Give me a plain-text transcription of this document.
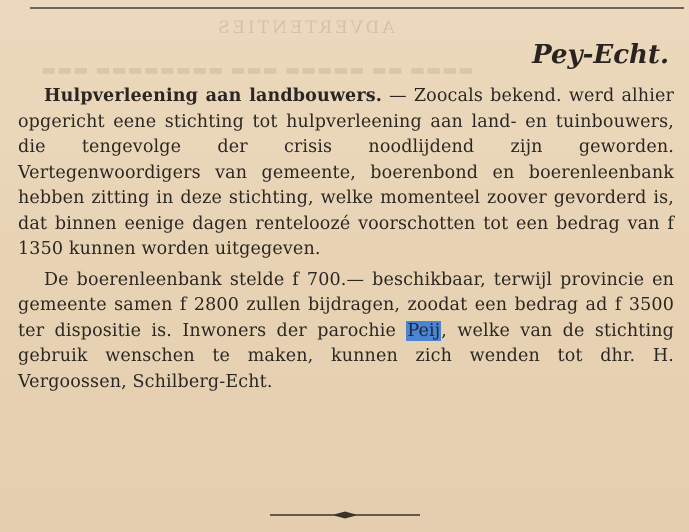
ADVERTENTIES
▬▬▬▬ ▬▬ ▬▬▬▬▬ ▬▬▬ ▬▬▬▬▬▬▬▬ ▬▬▬ Pey-Echt.

Hulpverleening aan landbouwers. — Zoocals bekend. werd alhier opgericht eene stichting tot hulpverleening aan land- en tuinbouwers, die tengevolge der crisis noodlijdend zijn geworden. Vertegenwoordigers van gemeente, boerenbond en boerenleenbank hebben zitting in deze stichting, welke momenteel zoover gevorderd is, dat binnen eenige dagen renteloozé voorschotten tot een bedrag van f 1350 kunnen worden uitgegeven.

De boerenleenbank stelde f 700.— beschikbaar, terwijl provincie en gemeente samen f 2800 zullen bijdragen, zoodat een bedrag ad f 3500 ter dispositie is. Inwoners der parochie Peij, welke van de stichting gebruik wenschen te maken, kunnen zich wenden tot dhr. H. Vergoossen, Schilberg-Echt.
